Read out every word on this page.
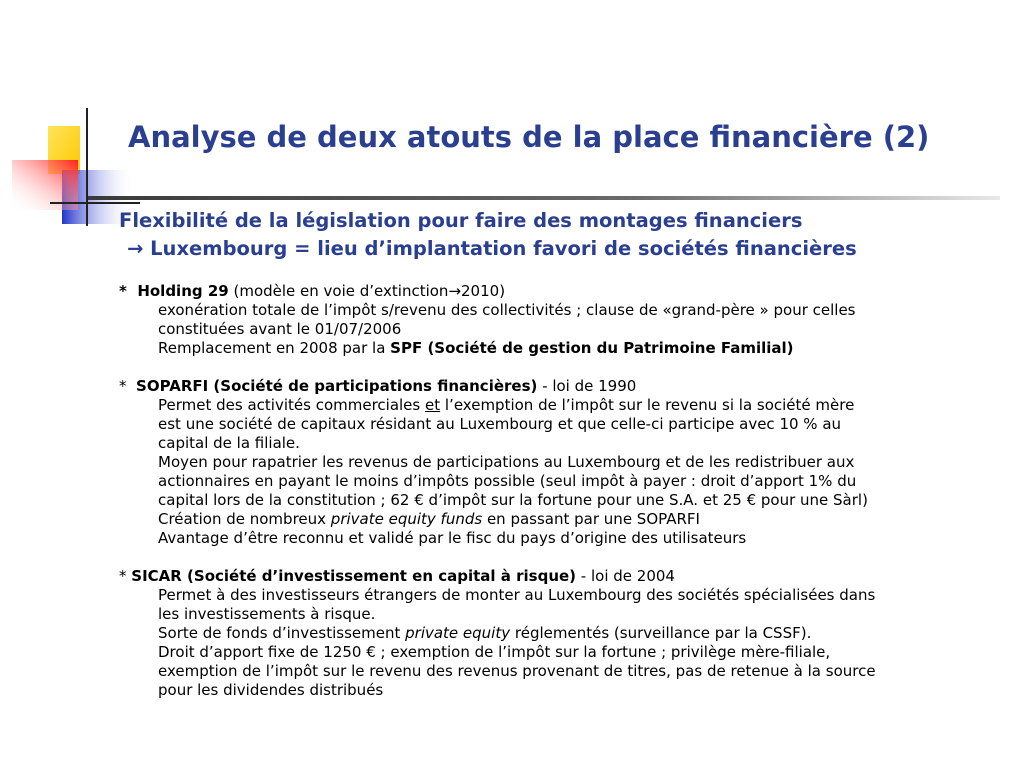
Analyse de deux atouts de la place financière (2)
Flexibilité de la législation pour faire des montages financiers
→ Luxembourg = lieu d’implantation favori de sociétés financières
* Holding 29 (modèle en voie d’extinction→2010)
exonération totale de l’impôt s/revenu des collectivités ; clause de «grand-père » pour celles
constituées avant le 01/07/2006
Remplacement en 2008 par la SPF (Société de gestion du Patrimoine Familial)
* SOPARFI (Société de participations financières) - loi de 1990
Permet des activités commerciales et l’exemption de l’impôt sur le revenu si la société mère
est une société de capitaux résidant au Luxembourg et que celle-ci participe avec 10 % au
capital de la filiale.
Moyen pour rapatrier les revenus de participations au Luxembourg et de les redistribuer aux
actionnaires en payant le moins d’impôts possible (seul impôt à payer : droit d’apport 1% du
capital lors de la constitution ; 62 € d’impôt sur la fortune pour une S.A. et 25 € pour une Sàrl)
Création de nombreux private equity funds en passant par une SOPARFI
Avantage d’être reconnu et validé par le fisc du pays d’origine des utilisateurs
* SICAR (Société d’investissement en capital à risque) - loi de 2004
Permet à des investisseurs étrangers de monter au Luxembourg des sociétés spécialisées dans
les investissements à risque.
Sorte de fonds d’investissement private equity réglementés (surveillance par la CSSF).
Droit d’apport fixe de 1250 € ; exemption de l’impôt sur la fortune ; privilège mère-filiale,
exemption de l’impôt sur le revenu des revenus provenant de titres, pas de retenue à la source
pour les dividendes distribués
